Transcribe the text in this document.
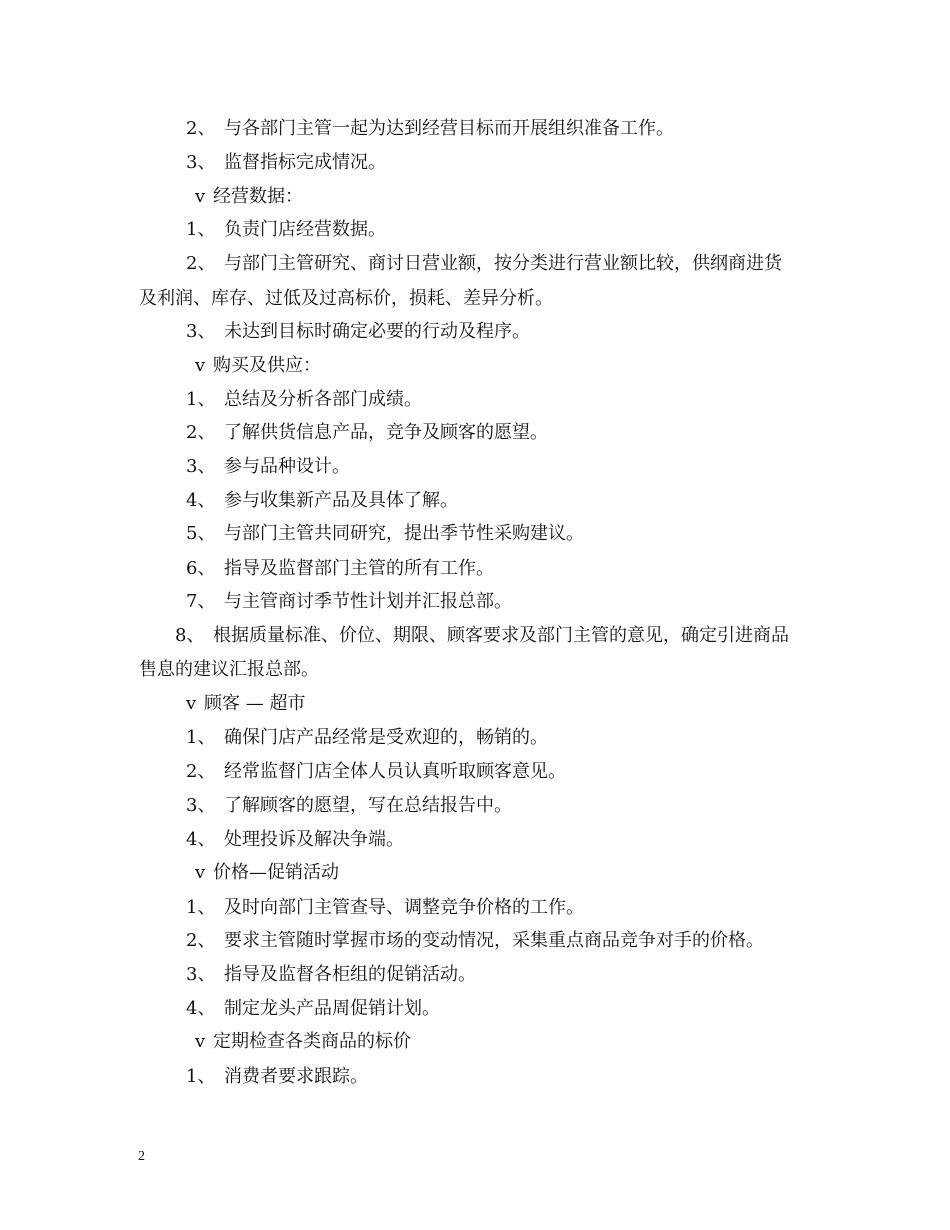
2、 与各部门主管一起为达到经营目标而开展组织准备工作。
3、 监督指标完成情况。
v 经营数据：
1、 负责门店经营数据。
2、 与部门主管研究、商讨日营业额，按分类进行营业额比较，供纲商进货
及利润、库存、过低及过高标价，损耗、差异分析。
3、 未达到目标时确定必要的行动及程序。
v 购买及供应：
1、 总结及分析各部门成绩。
2、 了解供货信息产品，竞争及顾客的愿望。
3、 参与品种设计。
4、 参与收集新产品及具体了解。
5、 与部门主管共同研究，提出季节性采购建议。
6、 指导及监督部门主管的所有工作。
7、 与主管商讨季节性计划并汇报总部。
8、 根据质量标准、价位、期限、顾客要求及部门主管的意见，确定引进商品
售息的建议汇报总部。
v 顾客 — 超市
1、 确保门店产品经常是受欢迎的，畅销的。
2、 经常监督门店全体人员认真听取顾客意见。
3、 了解顾客的愿望，写在总结报告中。
4、 处理投诉及解决争端。
v 价格—促销活动
1、 及时向部门主管查导、调整竞争价格的工作。
2、 要求主管随时掌握市场的变动情况，采集重点商品竞争对手的价格。
3、 指导及监督各柜组的促销活动。
4、 制定龙头产品周促销计划。
v 定期检查各类商品的标价
1、 消费者要求跟踪。
2
